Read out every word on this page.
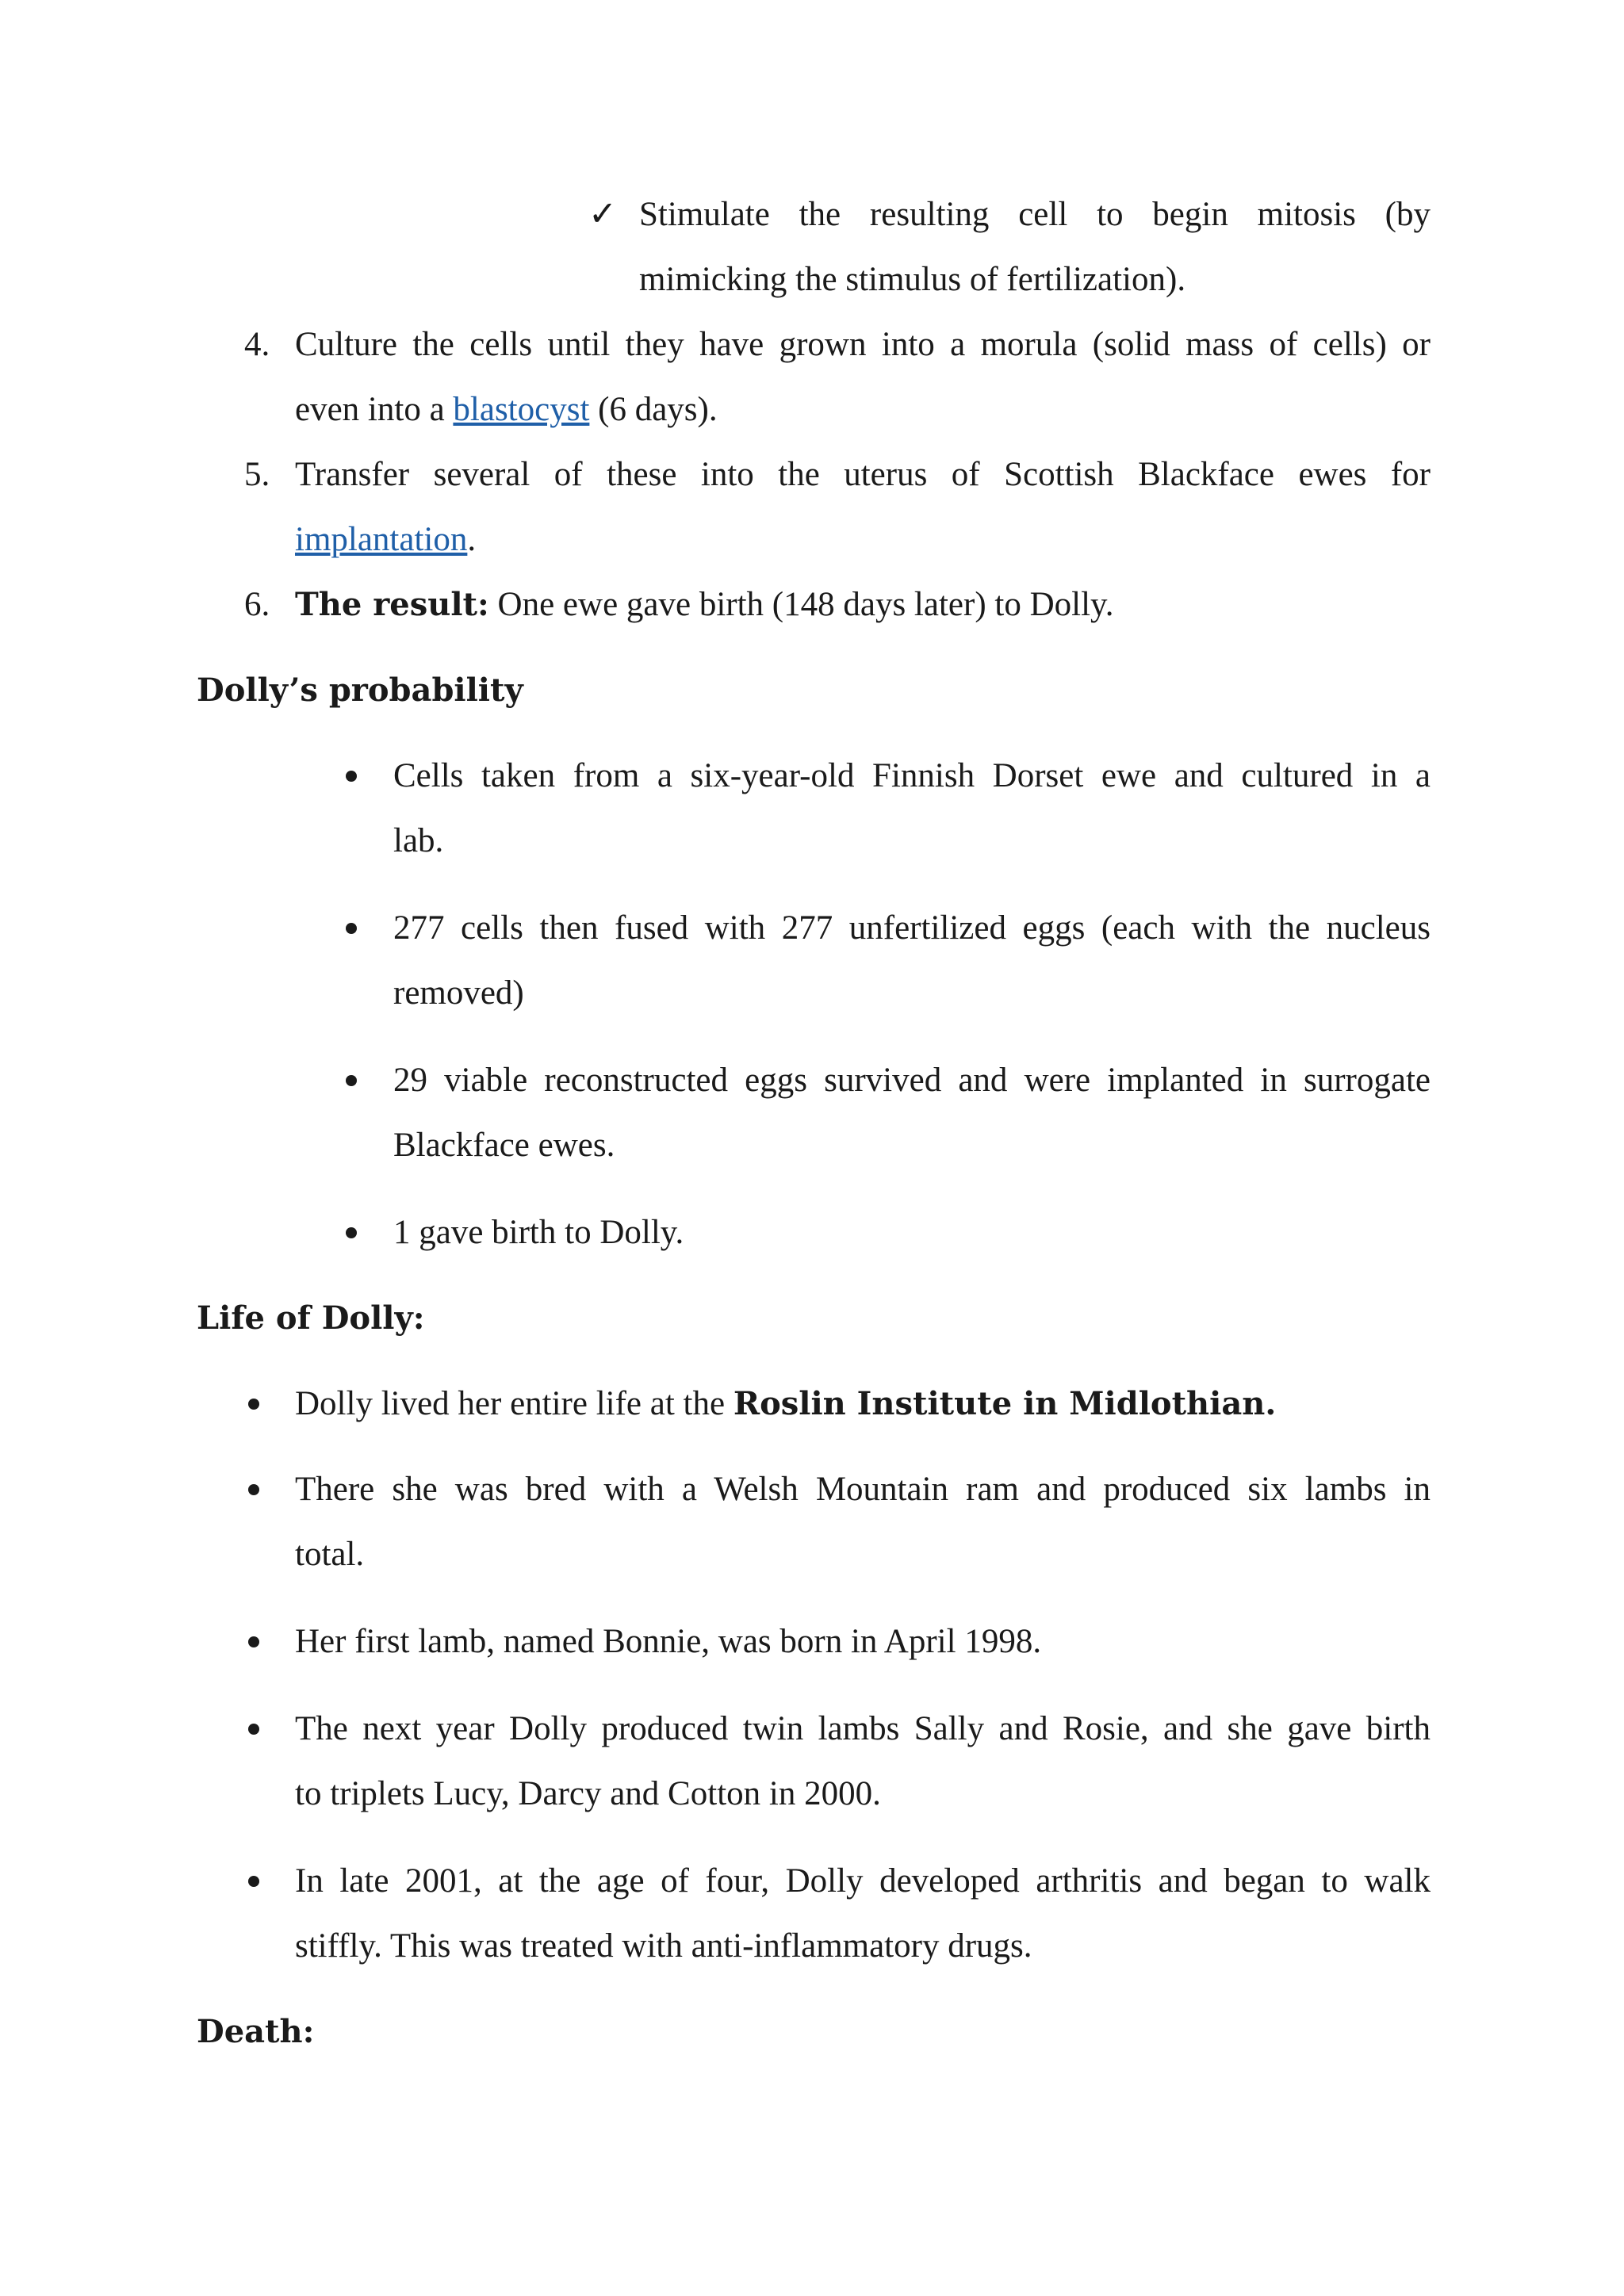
✓ Stimulate the resulting cell to begin mitosis (by
mimicking the stimulus of fertilization).
4. Culture the cells until they have grown into a morula (solid mass of cells) or
even into a blastocyst (6 days).
5. Transfer several of these into the uterus of Scottish Blackface ewes for
implantation.
6. The result: One ewe gave birth (148 days later) to Dolly.
Dolly’s probability
Cells taken from a six-year-old Finnish Dorset ewe and cultured in a
lab.
277 cells then fused with 277 unfertilized eggs (each with the nucleus
removed)
29 viable reconstructed eggs survived and were implanted in surrogate
Blackface ewes.
1 gave birth to Dolly.
Life of Dolly:
Dolly lived her entire life at the Roslin Institute in Midlothian.
There she was bred with a Welsh Mountain ram and produced six lambs in
total.
Her first lamb, named Bonnie, was born in April 1998.
The next year Dolly produced twin lambs Sally and Rosie, and she gave birth
to triplets Lucy, Darcy and Cotton in 2000.
In late 2001, at the age of four, Dolly developed arthritis and began to walk
stiffly. This was treated with anti-inflammatory drugs.
Death:
